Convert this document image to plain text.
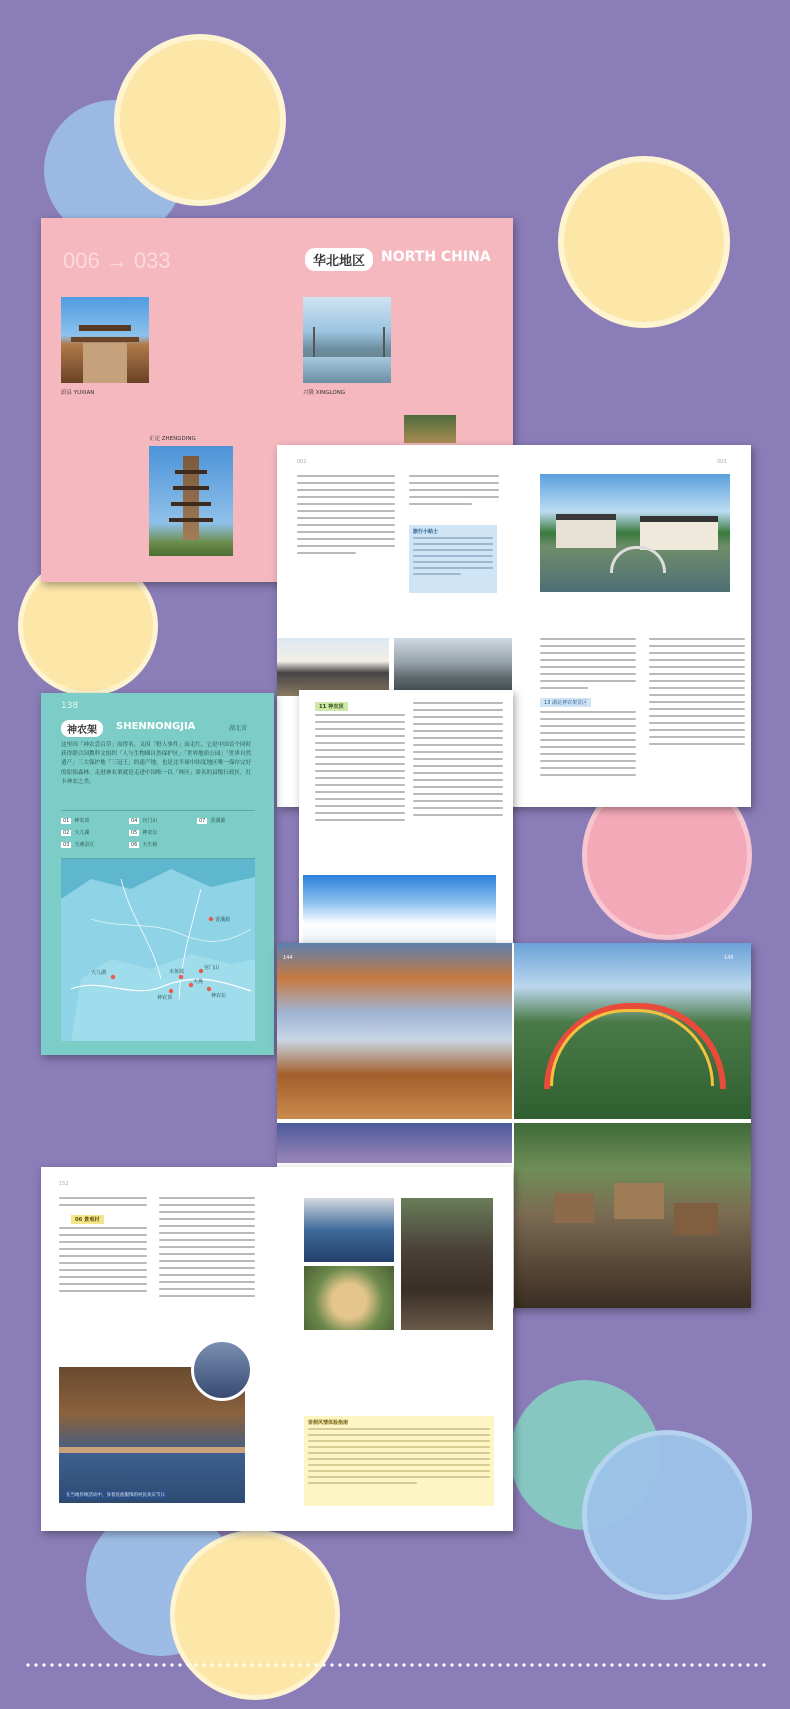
006 → 033	华北地区	NORTH CHINA
蔚县 YUXIAN	兴隆 XINGLONG
正定 ZHENGDING
002	003
旅行小贴士
13 湖北神农架景区
138
神农架	SHENNONGJIA	湖北省
这里因「神农尝百草」而得名，又因「野人事件」而走红。它是中国首个同时获得联合国教科文组织「人与生物圈自然保护区」「世界地质公园」「世界自然遗产」三大保护地「三冠王」的遗产地，也是北半球中纬度地区唯一保存完好的原始森林。走进神农架就是走进中国唯一以「林区」命名的县级行政区，打卡神农之美。
01 神农顶	04 官门山	07 香溪源
02 大九湖	05 神农坛
03 天燕景区	06 天生桥
香溪源
大九湖
神农顶
天燕
官门山
木鱼镇
神农坛
11 神农顶
144	145
152
06 景观村
在当地传统活动中，身着民族服饰的村民欢庆节日
苗侗风情体验指南
